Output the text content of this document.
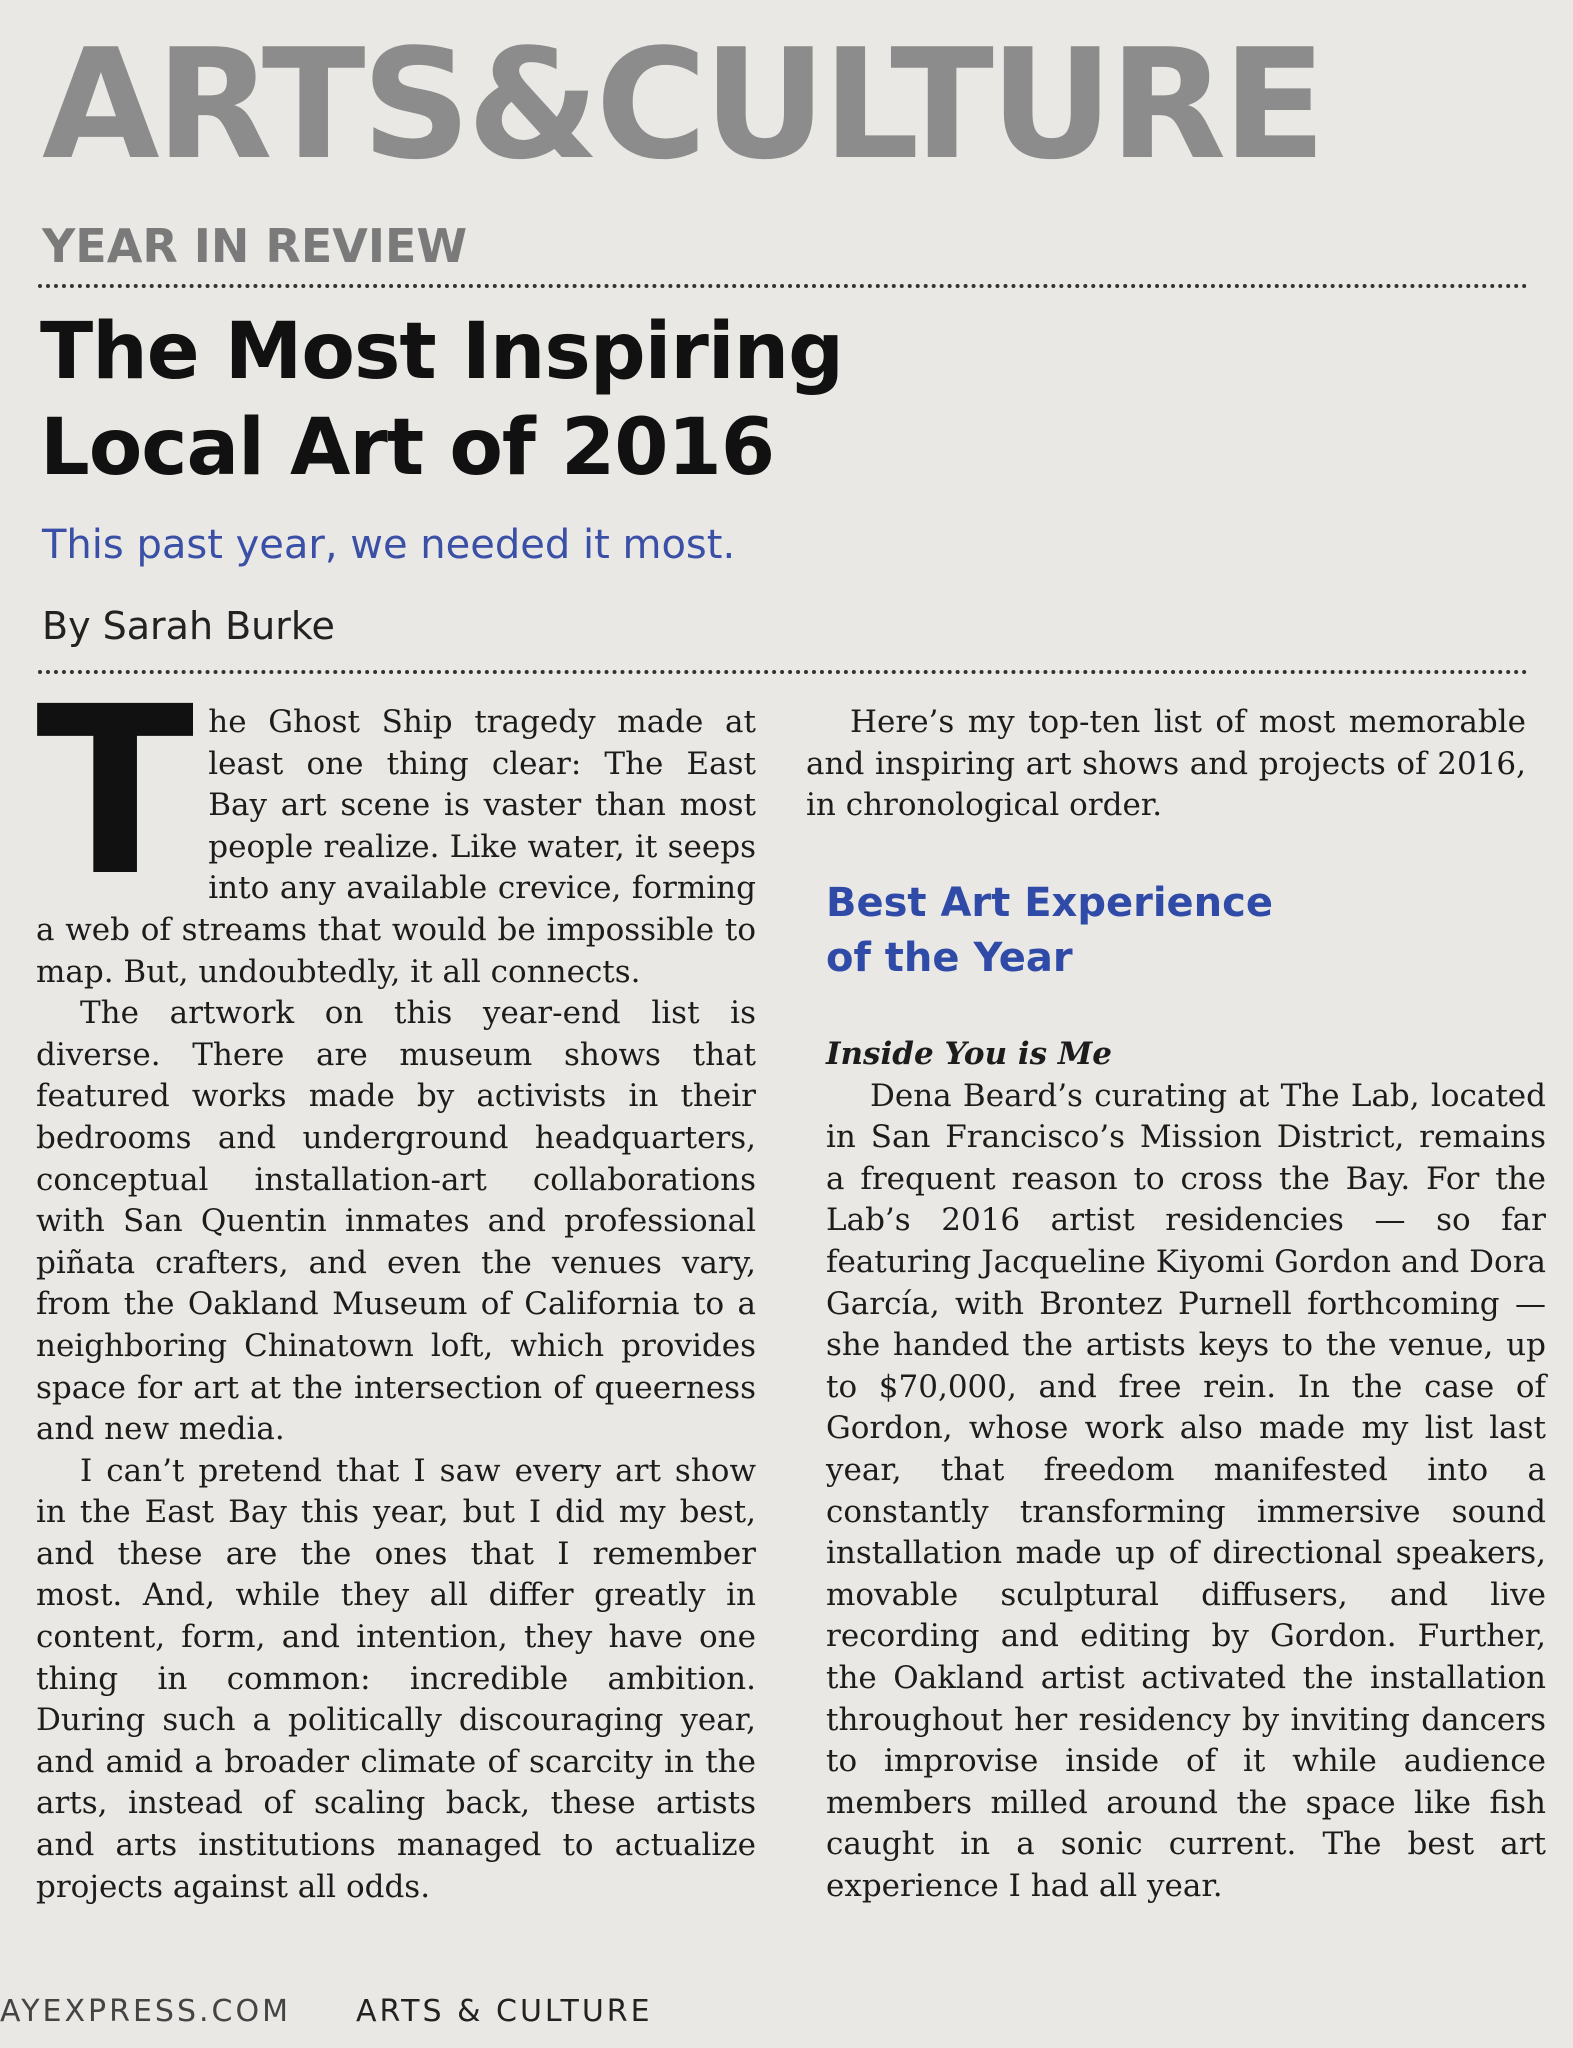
ARTS&CULTURE
YEAR IN REVIEW
The Most Inspiring
Local Art of 2016
This past year, we needed it most.
By Sarah Burke

The Ghost Ship tragedy made at least one thing clear: The East Bay art scene is vaster than most people realize. Like water, it seeps into any available crevice, forming a web of streams that would be impossible to map. But, undoubtedly, it all connects.

The artwork on this year-end list is diverse. There are museum shows that featured works made by activists in their bedrooms and underground headquarters, conceptual installation-art collaborations with San Quentin inmates and professional piñata crafters, and even the venues vary, from the Oakland Museum of California to a neighboring Chinatown loft, which provides space for art at the intersection of queerness and new media.

I can’t pretend that I saw every art show in the East Bay this year, but I did my best, and these are the ones that I remember most. And, while they all differ greatly in content, form, and intention, they have one thing in common: incredible ambition. During such a politically discouraging year, and amid a broader climate of scarcity in the arts, instead of scaling back, these artists and arts institutions managed to actualize projects against all odds.

Here’s my top-ten list of most memorable and inspiring art shows and projects of 2016, in chronological order.

Best Art Experience
of the Year
Inside You is Me

Dena Beard’s curating at The Lab, located in San Francisco’s Mission District, remains a frequent reason to cross the Bay. For the Lab’s 2016 artist residencies — so far featuring Jacqueline Kiyomi Gordon and Dora García, with Brontez Purnell forthcoming — she handed the artists keys to the venue, up to $70,000, and free rein. In the case of Gordon, whose work also made my list last year, that freedom manifested into a constantly transforming immersive sound installation made up of directional speakers, movable sculptural diffusers, and live recording and editing by Gordon. Further, the Oakland artist activated the installation throughout her residency by inviting dancers to improvise inside of it while audience members milled around the space like fish caught in a sonic current. The best art experience I had all year.

AYEXPRESS.COM ARTS & CULTURE
